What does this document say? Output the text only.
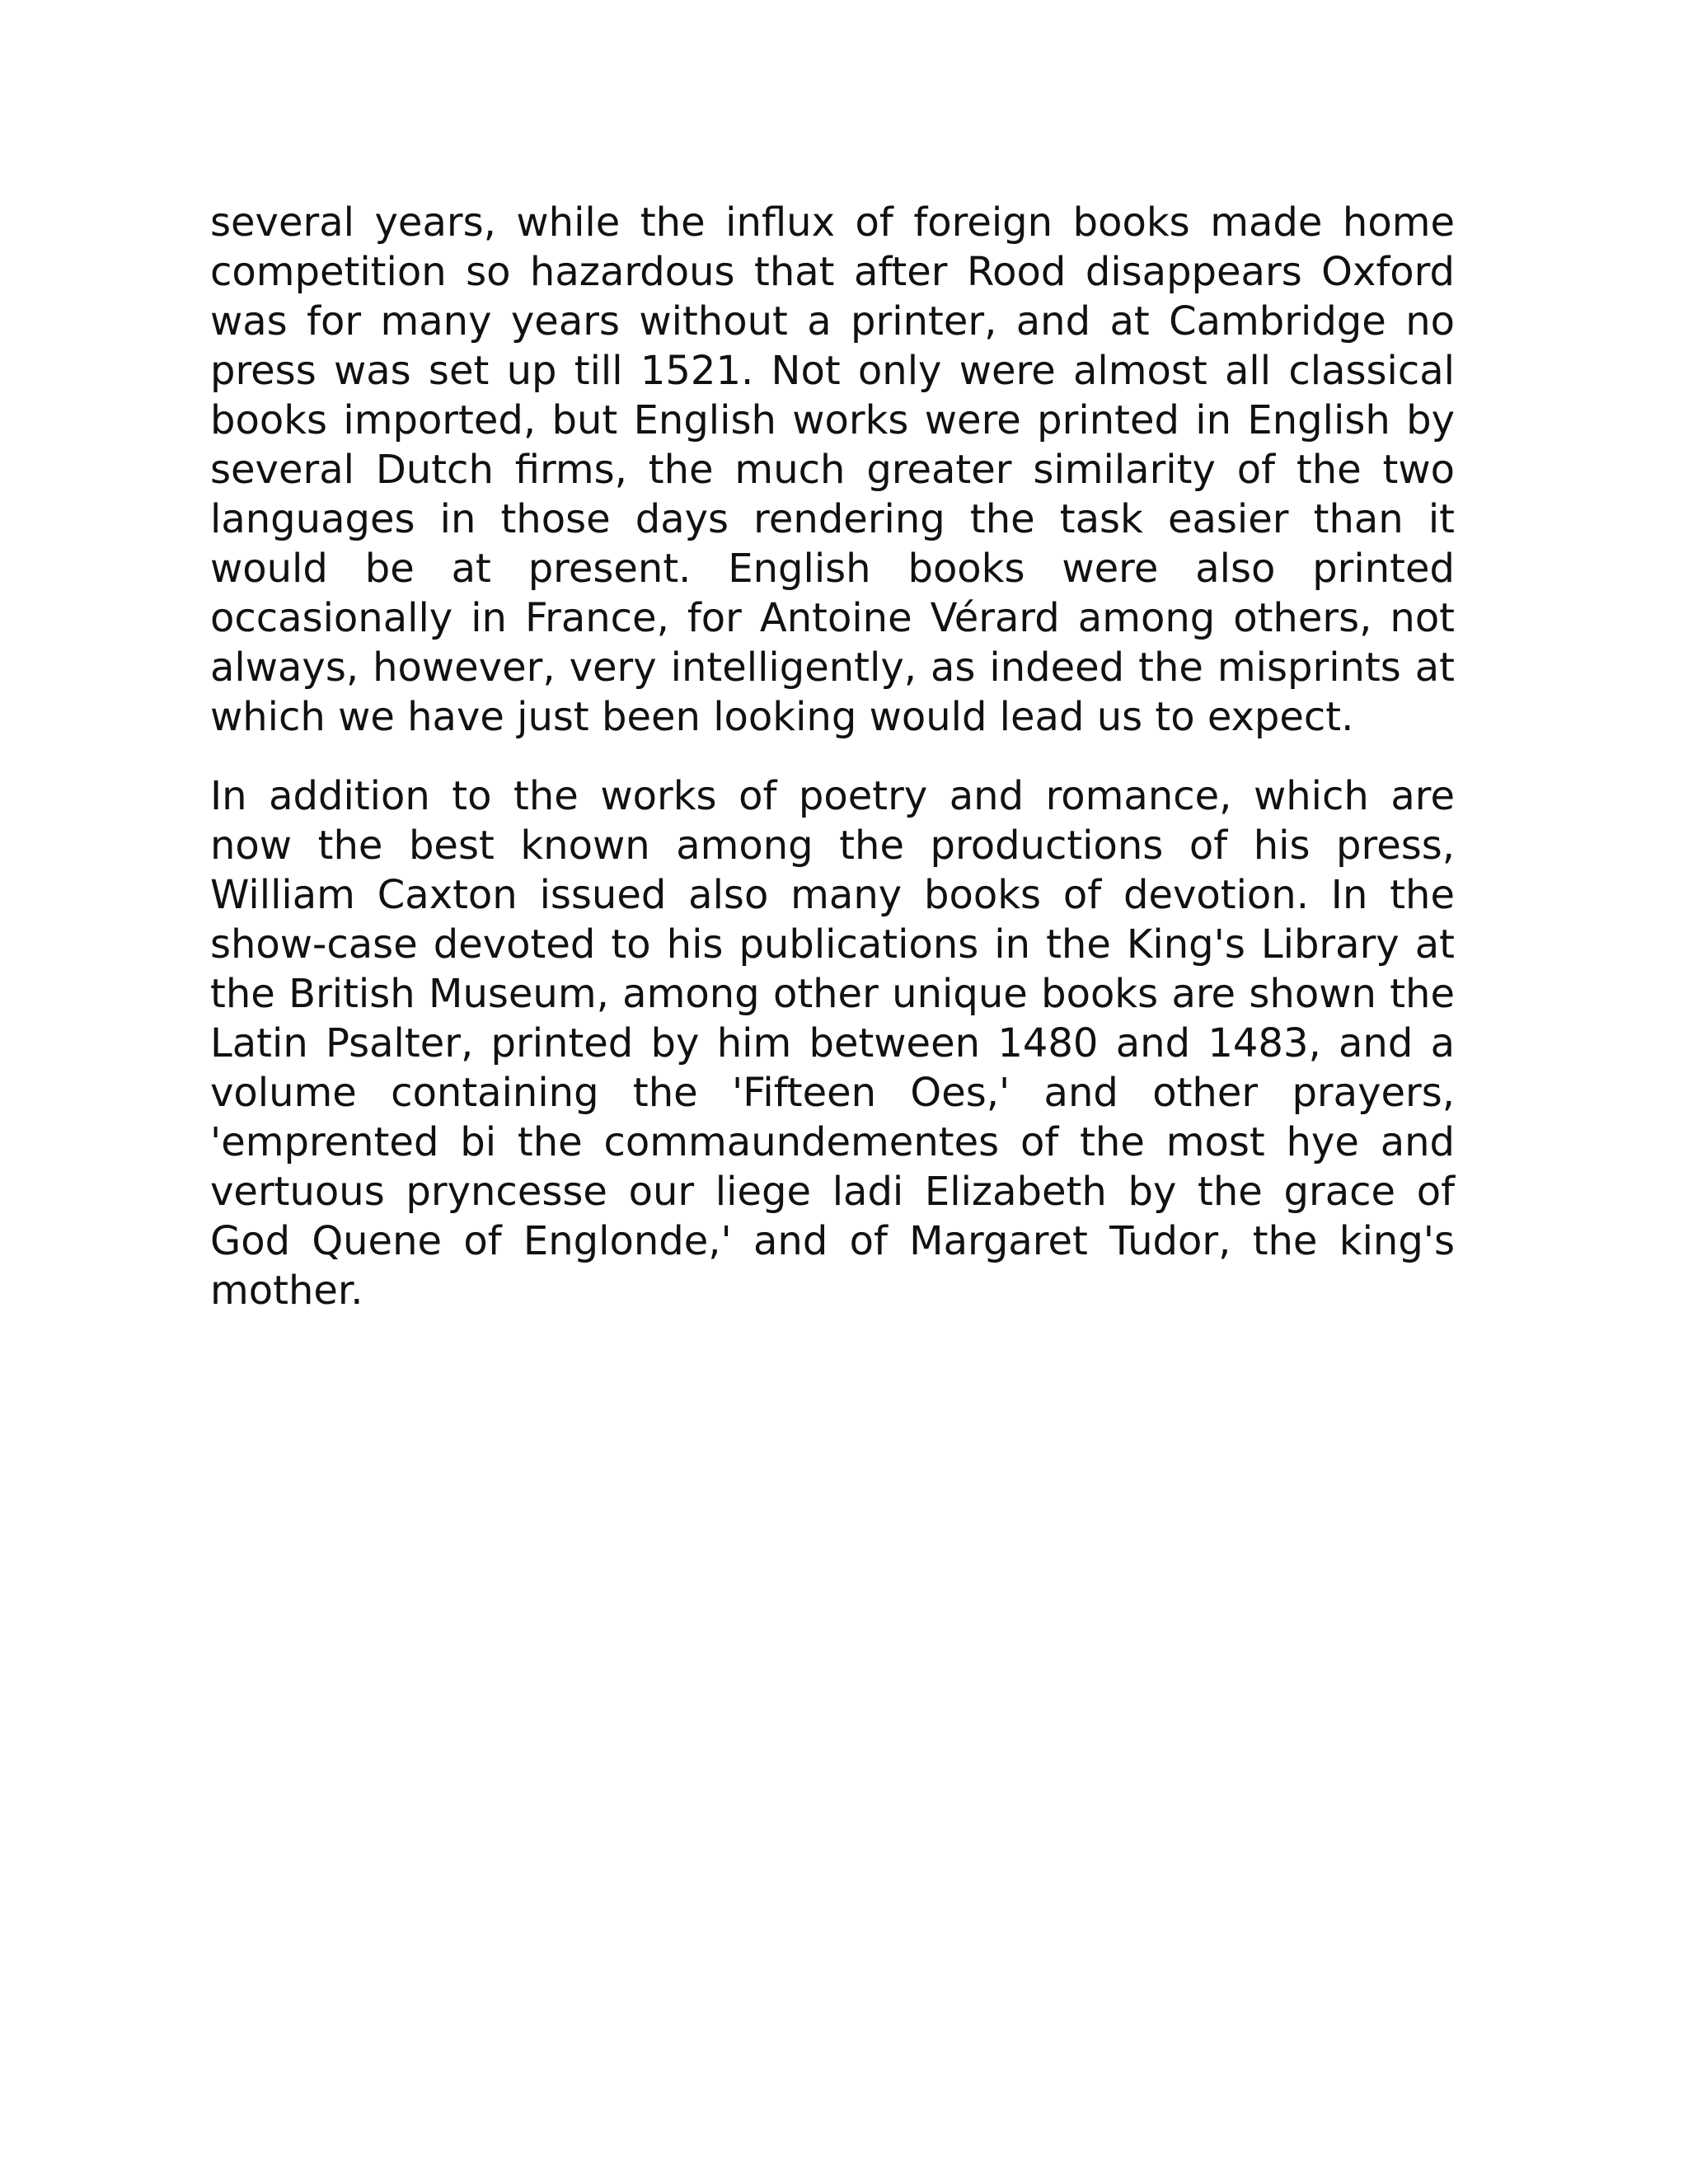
several years, while the influx of foreign books made home competition so hazardous that after Rood disappears Oxford was for many years without a printer, and at Cambridge no press was set up till 1521. Not only were almost all classical books imported, but English works were printed in English by several Dutch firms, the much greater similarity of the two languages in those days rendering the task easier than it would be at present. English books were also printed occasionally in France, for Antoine Vérard among others, not always, however, very intelligently, as indeed the misprints at which we have just been looking would lead us to expect.

In addition to the works of poetry and romance, which are now the best known among the productions of his press, William Caxton issued also many books of devotion. In the show-case devoted to his publications in the King's Library at the British Museum, among other unique books are shown the Latin Psalter, printed by him between 1480 and 1483, and a volume containing the 'Fifteen Oes,' and other prayers, 'emprented bi the commaundementes of the most hye and vertuous pryncesse our liege ladi Elizabeth by the grace of God Quene of Englonde,' and of Margaret Tudor, the king's mother.
